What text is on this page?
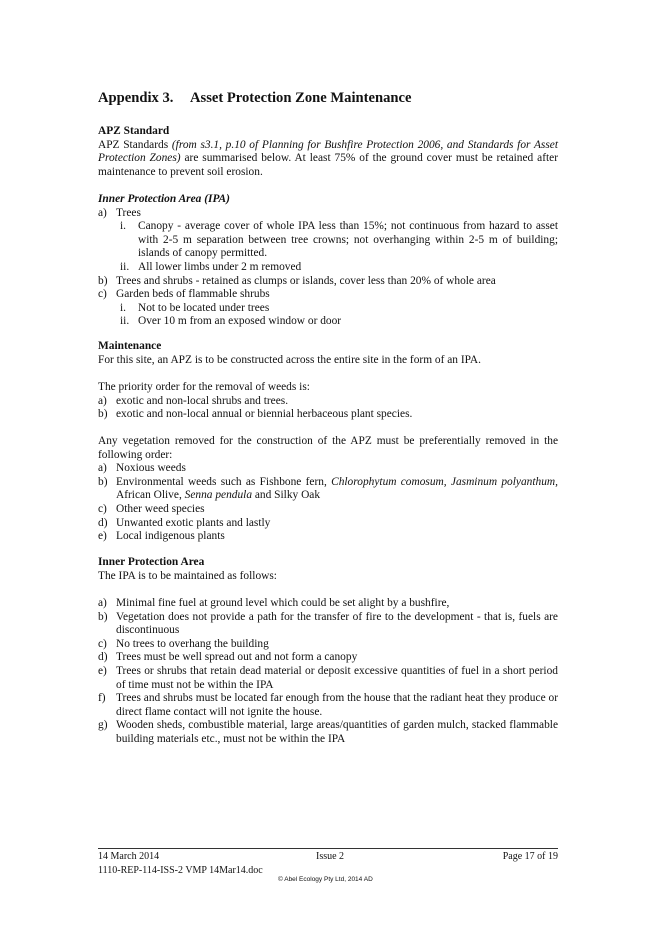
Appendix 3. Asset Protection Zone Maintenance

APZ Standard

APZ Standards (from s3.1, p.10 of Planning for Bushfire Protection 2006, and Standards for Asset Protection Zones) are summarised below. At least 75% of the ground cover must be retained after maintenance to prevent soil erosion.

Inner Protection Area (IPA)

a) Trees
i.	Canopy - average cover of whole IPA less than 15%; not continuous from hazard to asset with 2-5 m separation between tree crowns; not overhanging within 2-5 m of building; islands of canopy permitted.
ii. All lower limbs under 2 m removed
b) Trees and shrubs - retained as clumps or islands, cover less than 20% of whole area
c) Garden beds of flammable shrubs
i.	Not to be located under trees
ii. Over 10 m from an exposed window or door

Maintenance

For this site, an APZ is to be constructed across the entire site in the form of an IPA.

The priority order for the removal of weeds is:

a) exotic and non-local shrubs and trees.
b) exotic and non-local annual or biennial herbaceous plant species.

Any vegetation removed for the construction of the APZ must be preferentially removed in the following order:

a) Noxious weeds
b) Environmental weeds such as Fishbone fern, Chlorophytum comosum, Jasminum polyanthum, African Olive, Senna pendula and Silky Oak
c) Other weed species
d) Unwanted exotic plants and lastly
e) Local indigenous plants

Inner Protection Area

The IPA is to be maintained as follows:

a) Minimal fine fuel at ground level which could be set alight by a bushfire,
b) Vegetation does not provide a path for the transfer of fire to the development - that is, fuels are discontinuous
c) No trees to overhang the building
d) Trees must be well spread out and not form a canopy
e) Trees or shrubs that retain dead material or deposit excessive quantities of fuel in a short period of time must not be within the IPA
f) Trees and shrubs must be located far enough from the house that the radiant heat they produce or direct flame contact will not ignite the house.
g) Wooden sheds, combustible material, large areas/quantities of garden mulch, stacked flammable building materials etc., must not be within the IPA
14 March 2014	Issue 2	Page 17 of 19
1110-REP-114-ISS-2 VMP 14Mar14.doc
© Abel Ecology Pty Ltd, 2014 AD
